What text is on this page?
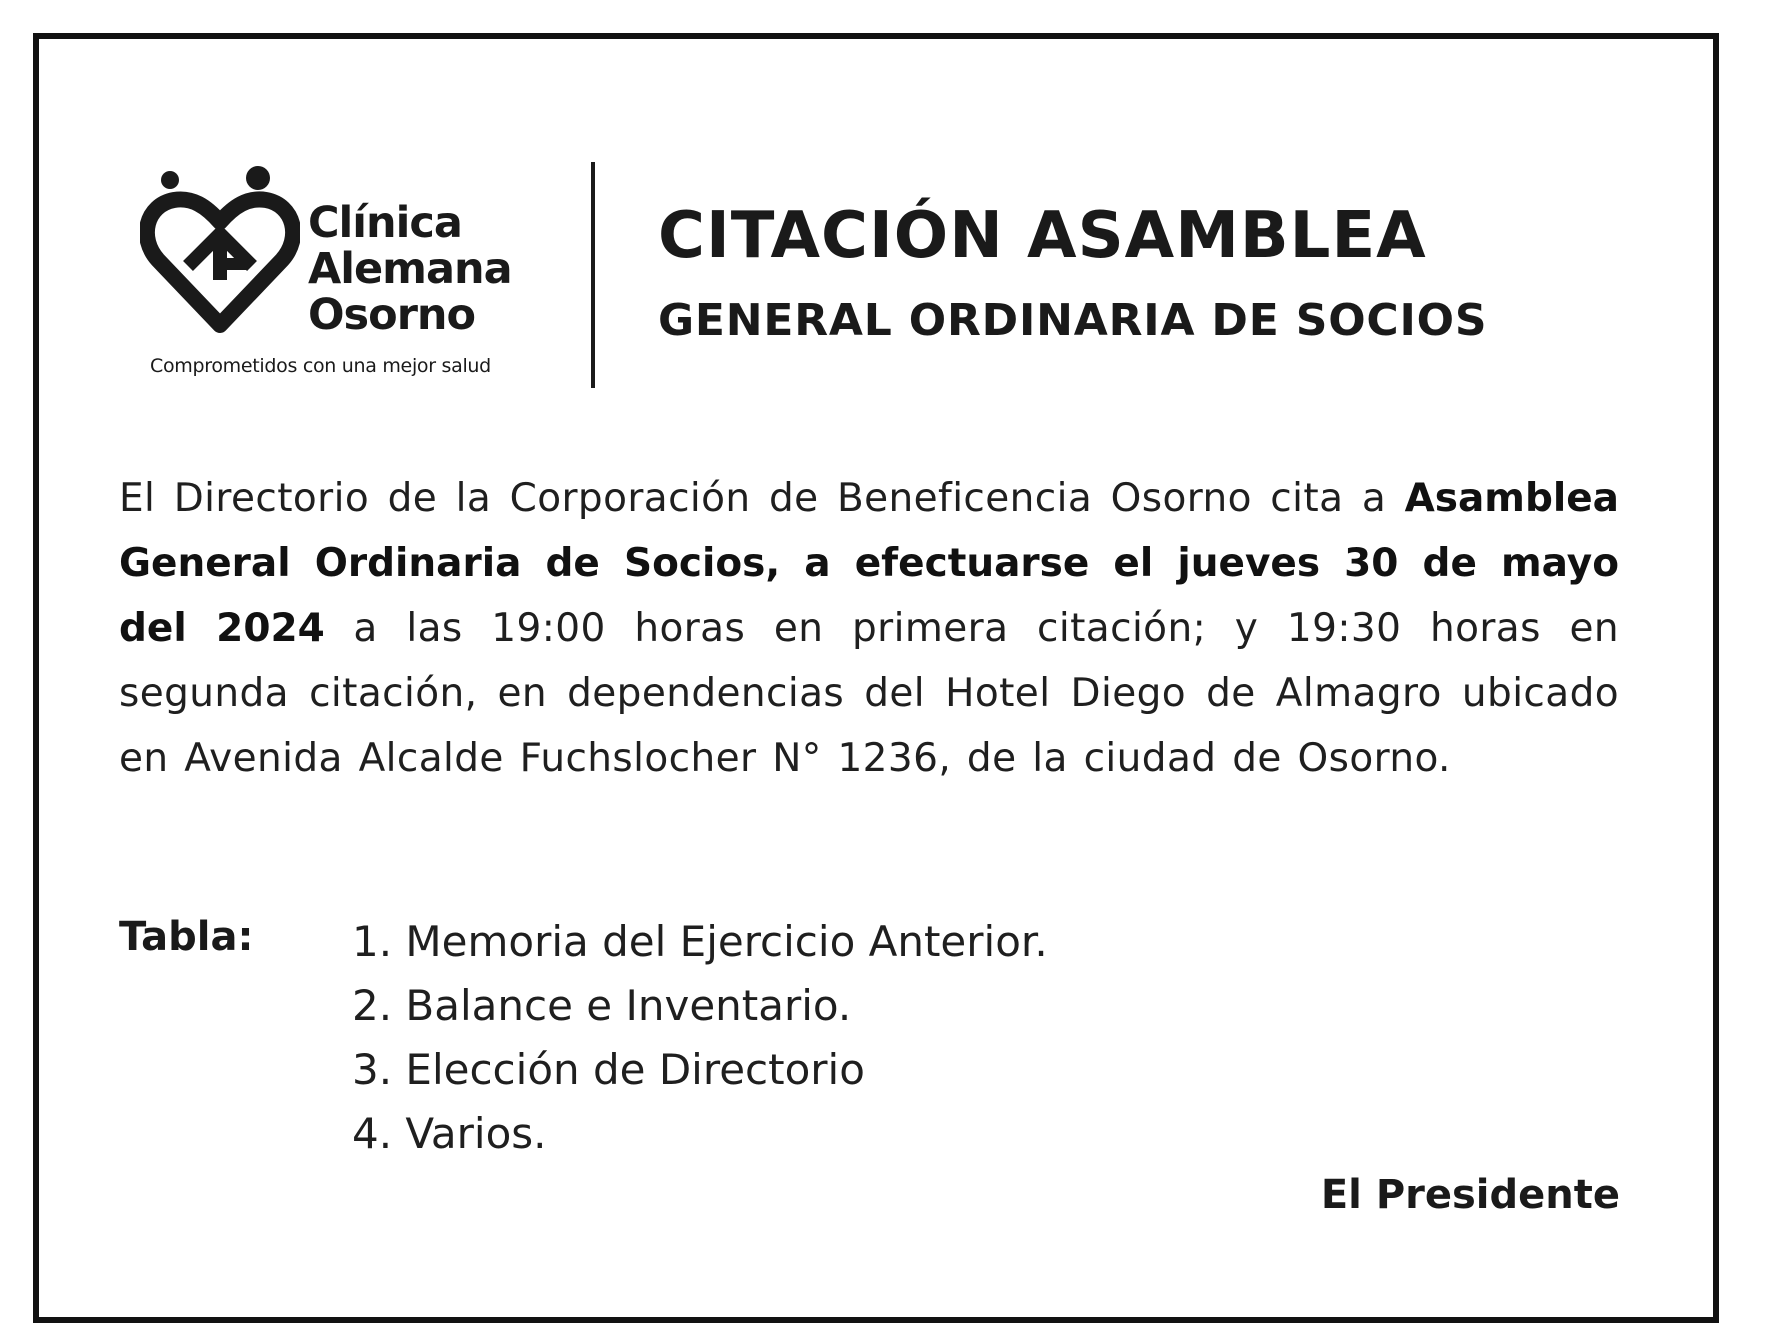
Clínica
Alemana
Osorno
Comprometidos con una mejor salud
CITACIÓN ASAMBLEA
GENERAL ORDINARIA DE SOCIOS
El Directorio de la Corporación de Beneficencia Osorno cita a Asamblea General Ordinaria de Socios, a efectuarse el jueves 30 de mayo del 2024 a las 19:00 horas en primera citación; y 19:30 horas en segunda citación, en dependencias del Hotel Diego de Almagro ubicado en Avenida Alcalde Fuchslocher N° 1236, de la ciudad de Osorno.
Tabla: 1. Memoria del Ejercicio Anterior.
2. Balance e Inventario.
3. Elección de Directorio
4. Varios.
El Presidente
